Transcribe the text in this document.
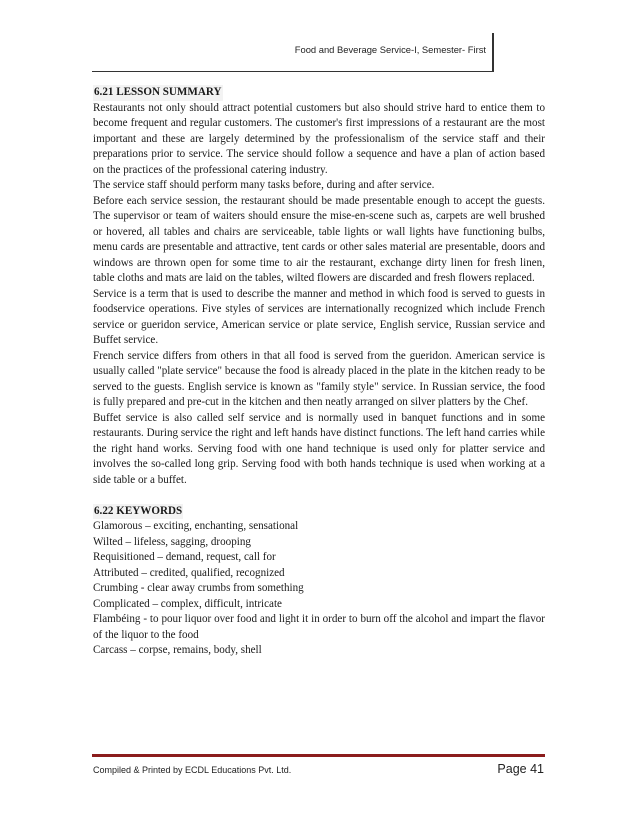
Food and Beverage Service-I, Semester- First
6.21 LESSON SUMMARY

Restaurants not only should attract potential customers but also should strive hard to entice them to become frequent and regular customers. The customer's first impressions of a restaurant are the most important and these are largely determined by the professionalism of the service staff and their preparations prior to service. The service should follow a sequence and have a plan of action based on the practices of the professional catering industry.

The service staff should perform many tasks before, during and after service.

Before each service session, the restaurant should be made presentable enough to accept the guests. The supervisor or team of waiters should ensure the mise-en-scene such as, carpets are well brushed or hovered, all tables and chairs are serviceable, table lights or wall lights have functioning bulbs, menu cards are presentable and attractive, tent cards or other sales material are presentable, doors and windows are thrown open for some time to air the restaurant, exchange dirty linen for fresh linen, table cloths and mats are laid on the tables, wilted flowers are discarded and fresh flowers replaced.

Service is a term that is used to describe the manner and method in which food is served to guests in foodservice operations. Five styles of services are internationally recognized which include French service or gueridon service, American service or plate service, English service, Russian service and Buffet service.

French service differs from others in that all food is served from the gueridon. American service is usually called "plate service" because the food is already placed in the plate in the kitchen ready to be served to the guests. English service is known as "family style" service. In Russian service, the food is fully prepared and pre-cut in the kitchen and then neatly arranged on silver platters by the Chef.

Buffet service is also called self service and is normally used in banquet functions and in some restaurants. During service the right and left hands have distinct functions. The left hand carries while the right hand works. Serving food with one hand technique is used only for platter service and involves the so-called long grip. Serving food with both hands technique is used when working at a side table or a buffet.

6.22 KEYWORDS

Glamorous – exciting, enchanting, sensational

Wilted – lifeless, sagging, drooping

Requisitioned – demand, request, call for

Attributed – credited, qualified, recognized

Crumbing - clear away crumbs from something

Complicated – complex, difficult, intricate

Flambéing - to pour liquor over food and light it in order to burn off the alcohol and impart the flavor of the liquor to the food

Carcass – corpse, remains, body, shell

Compiled & Printed by ECDL Educations Pvt. Ltd.	Page 41
